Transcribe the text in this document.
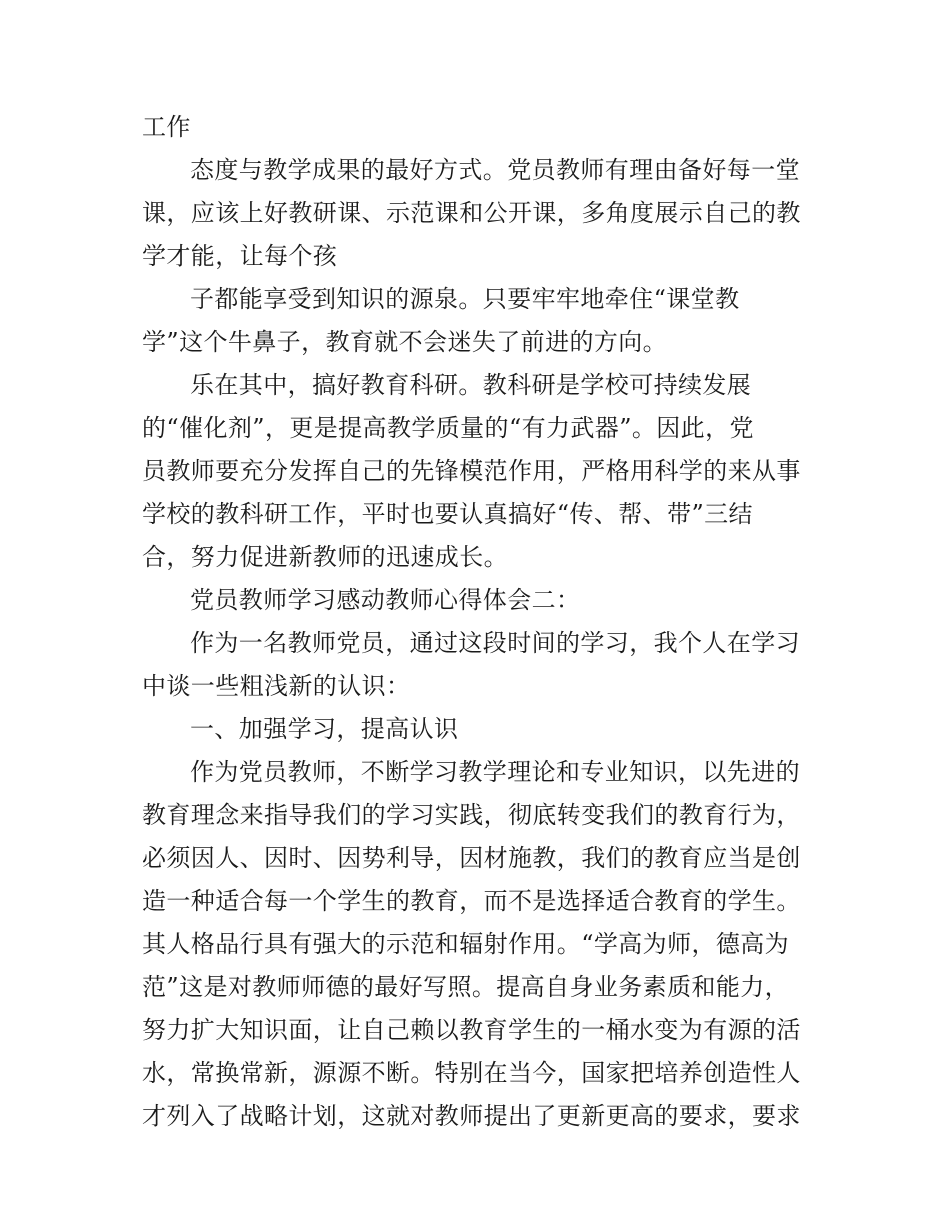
工作
态度与教学成果的最好方式。党员教师有理由备好每一堂
课，应该上好教研课、示范课和公开课，多角度展示自己的教
学才能，让每个孩
子都能享受到知识的源泉。只要牢牢地牵住“课堂教
学”这个牛鼻子，教育就不会迷失了前进的方向。
乐在其中，搞好教育科研。教科研是学校可持续发展
的“催化剂”，更是提高教学质量的“有力武器”。因此，党
员教师要充分发挥自己的先锋模范作用，严格用科学的来从事
学校的教科研工作，平时也要认真搞好“传、帮、带”三结
合，努力促进新教师的迅速成长。
党员教师学习感动教师心得体会二：
作为一名教师党员，通过这段时间的学习，我个人在学习
中谈一些粗浅新的认识：
一、加强学习，提高认识
作为党员教师，不断学习教学理论和专业知识，以先进的
教育理念来指导我们的学习实践，彻底转变我们的教育行为，
必须因人、因时、因势利导，因材施教，我们的教育应当是创
造一种适合每一个学生的教育，而不是选择适合教育的学生。
其人格品行具有强大的示范和辐射作用。“学高为师，德高为
范”这是对教师师德的最好写照。提高自身业务素质和能力，
努力扩大知识面，让自己赖以教育学生的一桶水变为有源的活
水，常换常新，源源不断。特别在当今，国家把培养创造性人
才列入了战略计划，这就对教师提出了更新更高的要求，要求
